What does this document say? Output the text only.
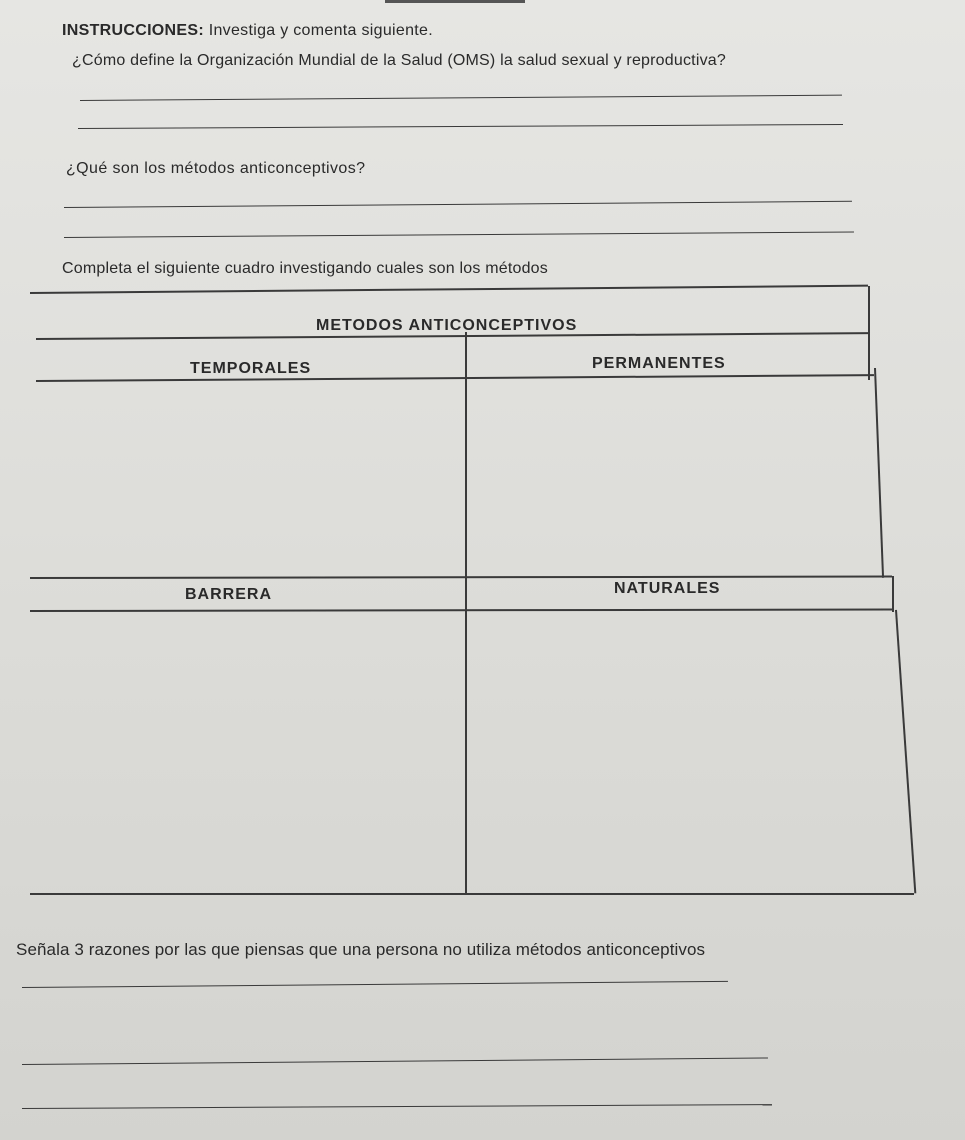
INSTRUCCIONES: Investiga y comenta siguiente.
¿Cómo define la Organización Mundial de la Salud (OMS) la salud sexual y reproductiva?
¿Qué son los métodos anticonceptivos?
Completa el siguiente cuadro investigando cuales son los métodos
METODOS ANTICONCEPTIVOS
TEMPORALES	PERMANENTES
BARRERA	NATURALES
Señala 3 razones por las que piensas que una persona no utiliza métodos anticonceptivos
